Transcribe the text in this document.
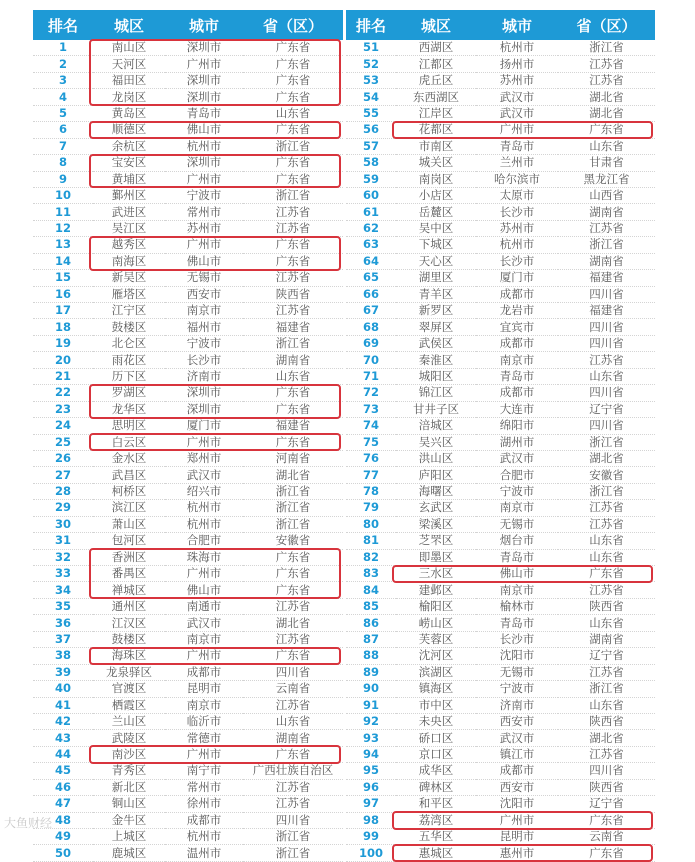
排名	城区	城市	省（区）
1	南山区	深圳市	广东省
2	天河区	广州市	广东省
3	福田区	深圳市	广东省
4	龙岗区	深圳市	广东省
5	黄岛区	青岛市	山东省
6	顺德区	佛山市	广东省
7	余杭区	杭州市	浙江省
8	宝安区	深圳市	广东省
9	黄埔区	广州市	广东省
10	鄞州区	宁波市	浙江省
11	武进区	常州市	江苏省
12	吴江区	苏州市	江苏省
13	越秀区	广州市	广东省
14	南海区	佛山市	广东省
15	新吴区	无锡市	江苏省
16	雁塔区	西安市	陕西省
17	江宁区	南京市	江苏省
18	鼓楼区	福州市	福建省
19	北仑区	宁波市	浙江省
20	雨花区	长沙市	湖南省
21	历下区	济南市	山东省
22	罗湖区	深圳市	广东省
23	龙华区	深圳市	广东省
24	思明区	厦门市	福建省
25	白云区	广州市	广东省
26	金水区	郑州市	河南省
27	武昌区	武汉市	湖北省
28	柯桥区	绍兴市	浙江省
29	滨江区	杭州市	浙江省
30	萧山区	杭州市	浙江省
31	包河区	合肥市	安徽省
32	香洲区	珠海市	广东省
33	番禺区	广州市	广东省
34	禅城区	佛山市	广东省
35	通州区	南通市	江苏省
36	江汉区	武汉市	湖北省
37	鼓楼区	南京市	江苏省
38	海珠区	广州市	广东省
39	龙泉驿区	成都市	四川省
40	官渡区	昆明市	云南省
41	栖霞区	南京市	江苏省
42	兰山区	临沂市	山东省
43	武陵区	常德市	湖南省
44	南沙区	广州市	广东省
45	青秀区	南宁市	广西壮族自治区
46	新北区	常州市	江苏省
47	铜山区	徐州市	江苏省
48	金牛区	成都市	四川省
49	上城区	杭州市	浙江省
50	鹿城区	温州市	浙江省
排名	城区	城市	省（区）
51	西湖区	杭州市	浙江省
52	江都区	扬州市	江苏省
53	虎丘区	苏州市	江苏省
54	东西湖区	武汉市	湖北省
55	江岸区	武汉市	湖北省
56	花都区	广州市	广东省
57	市南区	青岛市	山东省
58	城关区	兰州市	甘肃省
59	南岗区	哈尔滨市	黑龙江省
60	小店区	太原市	山西省
61	岳麓区	长沙市	湖南省
62	吴中区	苏州市	江苏省
63	下城区	杭州市	浙江省
64	天心区	长沙市	湖南省
65	湖里区	厦门市	福建省
66	青羊区	成都市	四川省
67	新罗区	龙岩市	福建省
68	翠屏区	宜宾市	四川省
69	武侯区	成都市	四川省
70	秦淮区	南京市	江苏省
71	城阳区	青岛市	山东省
72	锦江区	成都市	四川省
73	甘井子区	大连市	辽宁省
74	涪城区	绵阳市	四川省
75	吴兴区	湖州市	浙江省
76	洪山区	武汉市	湖北省
77	庐阳区	合肥市	安徽省
78	海曙区	宁波市	浙江省
79	玄武区	南京市	江苏省
80	梁溪区	无锡市	江苏省
81	芝罘区	烟台市	山东省
82	即墨区	青岛市	山东省
83	三水区	佛山市	广东省
84	建邺区	南京市	江苏省
85	榆阳区	榆林市	陕西省
86	崂山区	青岛市	山东省
87	芙蓉区	长沙市	湖南省
88	沈河区	沈阳市	辽宁省
89	滨湖区	无锡市	江苏省
90	镇海区	宁波市	浙江省
91	市中区	济南市	山东省
92	未央区	西安市	陕西省
93	硚口区	武汉市	湖北省
94	京口区	镇江市	江苏省
95	成华区	成都市	四川省
96	碑林区	西安市	陕西省
97	和平区	沈阳市	辽宁省
98	荔湾区	广州市	广东省
99	五华区	昆明市	云南省
100	惠城区	惠州市	广东省
大鱼财经
